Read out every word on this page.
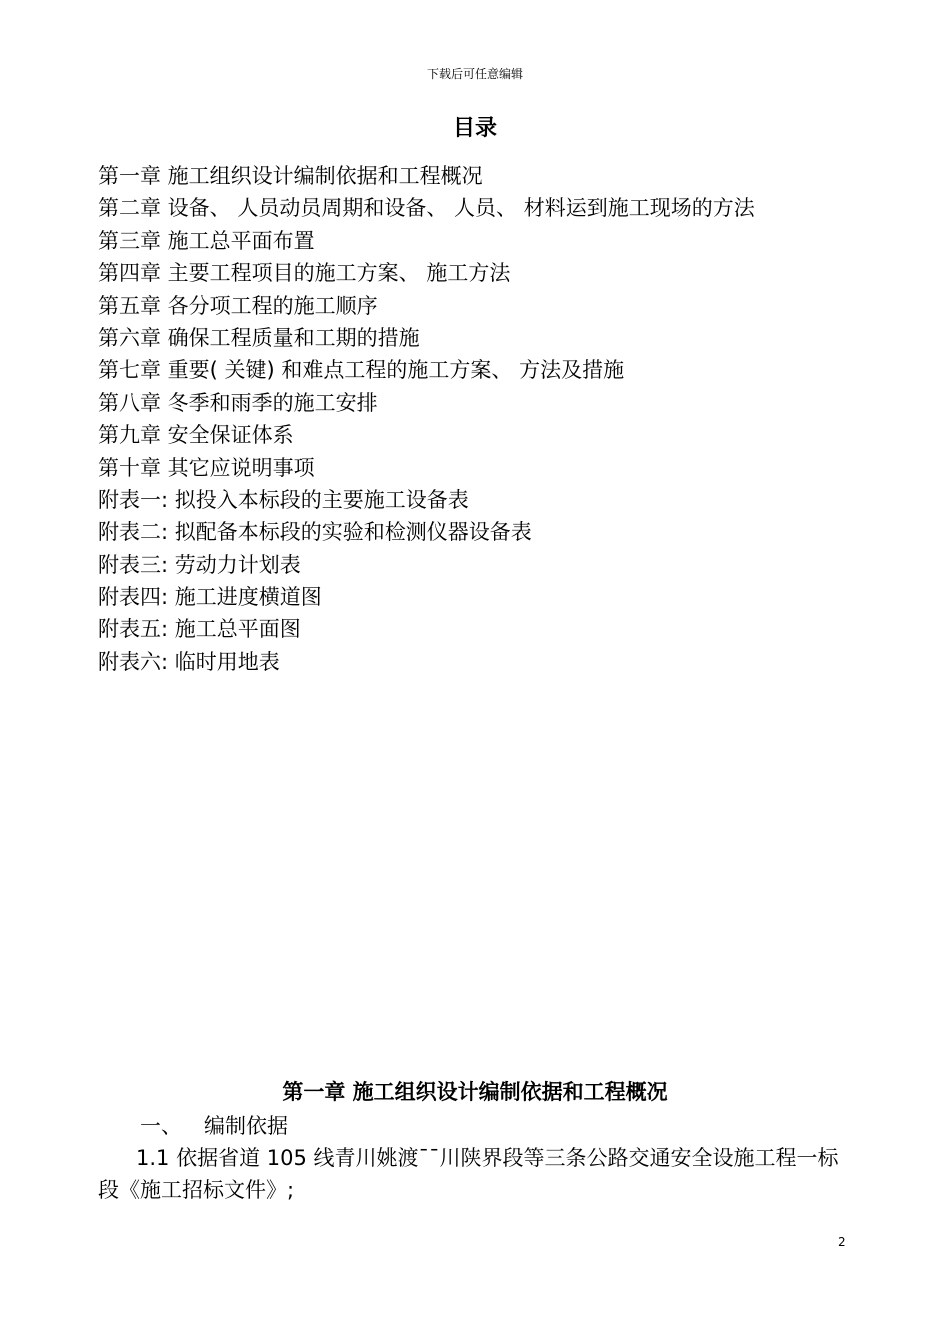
下载后可任意编辑
目录
第一章 施工组织设计编制依据和工程概况
第二章 设备、 人员动员周期和设备、 人员、 材料运到施工现场的方法
第三章 施工总平面布置
第四章 主要工程项目的施工方案、 施工方法
第五章 各分项工程的施工顺序
第六章 确保工程质量和工期的措施
第七章 重要( 关键) 和难点工程的施工方案、 方法及措施
第八章 冬季和雨季的施工安排
第九章 安全保证体系
第十章 其它应说明事项
附表一: 拟投入本标段的主要施工设备表
附表二: 拟配备本标段的实验和检测仪器设备表
附表三: 劳动力计划表
附表四: 施工进度横道图
附表五: 施工总平面图
附表六: 临时用地表
第一章 施工组织设计编制依据和工程概况
一、 编制依据

1.1 依据省道 105 线青川姚渡¯¯川陕界段等三条公路交通安全设施工程一标段《施工招标文件》;

2
